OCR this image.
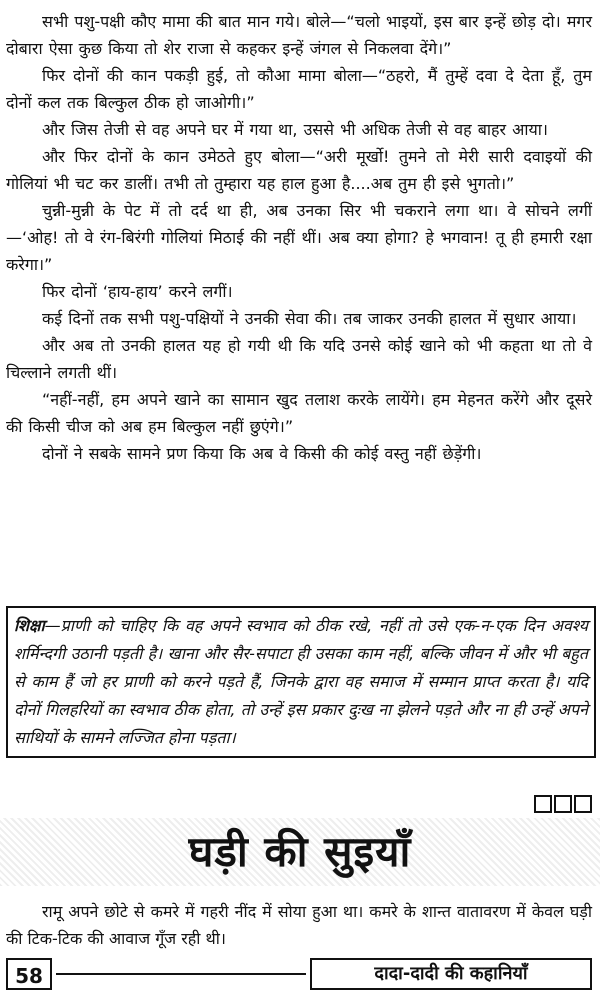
सभी पशु-पक्षी कौए मामा की बात मान गये। बोले—“चलो भाइयों, इस बार इन्हें छोड़ दो। मगर दोबारा ऐसा कुछ किया तो शेर राजा से कहकर इन्हें जंगल से निकलवा देंगे।”

फिर दोनों की कान पकड़ी हुई, तो कौआ मामा बोला—“ठहरो, मैं तुम्हें दवा दे देता हूँ, तुम दोनों कल तक बिल्कुल ठीक हो जाओगी।”

और जिस तेजी से वह अपने घर में गया था, उससे भी अधिक तेजी से वह बाहर आया।

और फिर दोनों के कान उमेठते हुए बोला—“अरी मूर्खो! तुमने तो मेरी सारी दवाइयों की गोलियां भी चट कर डालीं। तभी तो तुम्हारा यह हाल हुआ है....अब तुम ही इसे भुगतो।”

चुन्नी-मुन्नी के पेट में तो दर्द था ही, अब उनका सिर भी चकराने लगा था। वे सोचने लगीं—‘ओह! तो वे रंग-बिरंगी गोलियां मिठाई की नहीं थीं। अब क्या होगा? हे भगवान! तू ही हमारी रक्षा करेगा।”

फिर दोनों ‘हाय-हाय’ करने लगीं।

कई दिनों तक सभी पशु-पक्षियों ने उनकी सेवा की। तब जाकर उनकी हालत में सुधार आया।

और अब तो उनकी हालत यह हो गयी थी कि यदि उनसे कोई खाने को भी कहता था तो वे चिल्लाने लगती थीं।

“नहीं-नहीं, हम अपने खाने का सामान खुद तलाश करके लायेंगे। हम मेहनत करेंगे और दूसरे की किसी चीज को अब हम बिल्कुल नहीं छुएंगे।”

दोनों ने सबके सामने प्रण किया कि अब वे किसी की कोई वस्तु नहीं छेड़ेंगी।

शिक्षा—प्राणी को चाहिए कि वह अपने स्वभाव को ठीक रखे, नहीं तो उसे एक-न-एक दिन अवश्य शर्मिन्दगी उठानी पड़ती है। खाना और सैर-सपाटा ही उसका काम नहीं, बल्कि जीवन में और भी बहुत से काम हैं जो हर प्राणी को करने पड़ते हैं, जिनके द्वारा वह समाज में सम्मान प्राप्त करता है। यदि दोनों गिलहरियों का स्वभाव ठीक होता, तो उन्हें इस प्रकार दुःख ना झेलने पड़ते और ना ही उन्हें अपने साथियों के सामने लज्जित होना पड़ता।
घड़ी की सुइयाँ

रामू अपने छोटे से कमरे में गहरी नींद में सोया हुआ था। कमरे के शान्त वातावरण में केवल घड़ी की टिक-टिक की आवाज गूँज रही थी।

58	दादा-दादी की कहानियाँ
